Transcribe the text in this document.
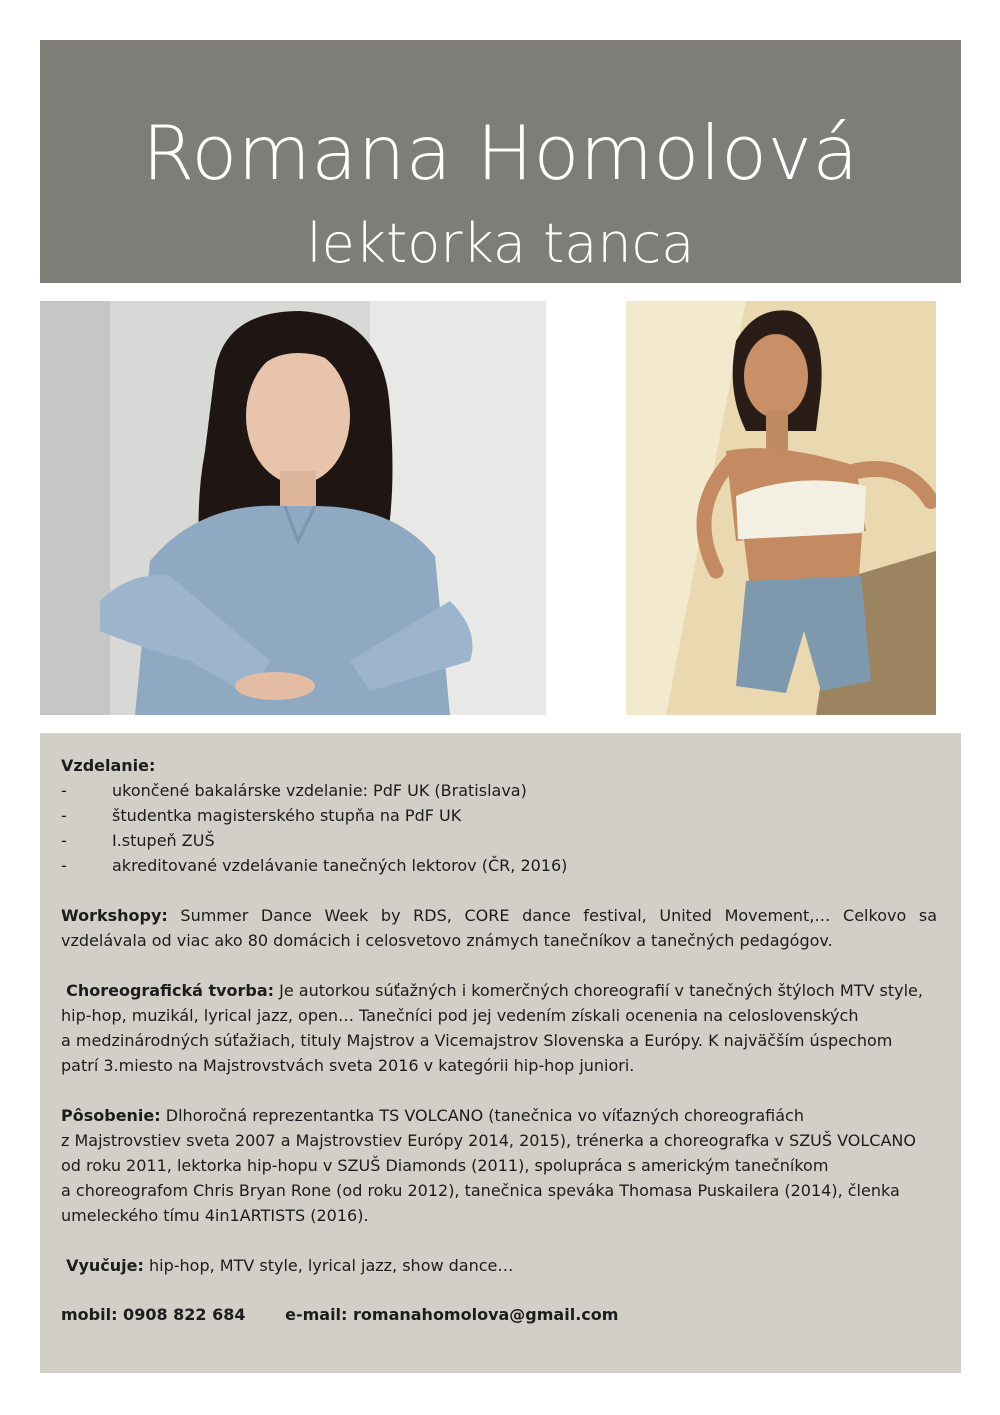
Romana Homolová
lektorka tanca
Vzdelanie:
-	ukončené bakalárske vzdelanie: PdF UK (Bratislava)
-	študentka magisterského stupňa na PdF UK
-	I.stupeň ZUŠ
-	akreditované vzdelávanie tanečných lektorov (ČR, 2016)
Workshopy: Summer Dance Week by RDS, CORE dance festival, United Movement,… Celkovo sa vzdelávala od viac ako 80 domácich i celosvetovo známych tanečníkov a tanečných pedagógov.
Choreografická tvorba: Je autorkou súťažných i komerčných choreografií v tanečných štýloch MTV style,
hip-hop, muzikál, lyrical jazz, open… Tanečníci pod jej vedením získali ocenenia na celoslovenských
a medzinárodných súťažiach, tituly Majstrov a Vicemajstrov Slovenska a Európy. K najväčším úspechom
patrí 3.miesto na Majstrovstvách sveta 2016 v kategórii hip-hop juniori.
Pôsobenie: Dlhoročná reprezentantka TS VOLCANO (tanečnica vo víťazných choreografiách
z Majstrovstiev sveta 2007 a Majstrovstiev Európy 2014, 2015), trénerka a choreografka v SZUŠ VOLCANO
od roku 2011, lektorka hip-hopu v SZUŠ Diamonds (2011), spolupráca s americkým tanečníkom
a choreografom Chris Bryan Rone (od roku 2012), tanečnica speváka Thomasa Puskailera (2014), členka
umeleckého tímu 4in1ARTISTS (2016).
Vyučuje: hip-hop, MTV style, lyrical jazz, show dance…
mobil: 0908 822 684 e-mail: romanahomolova@gmail.com
